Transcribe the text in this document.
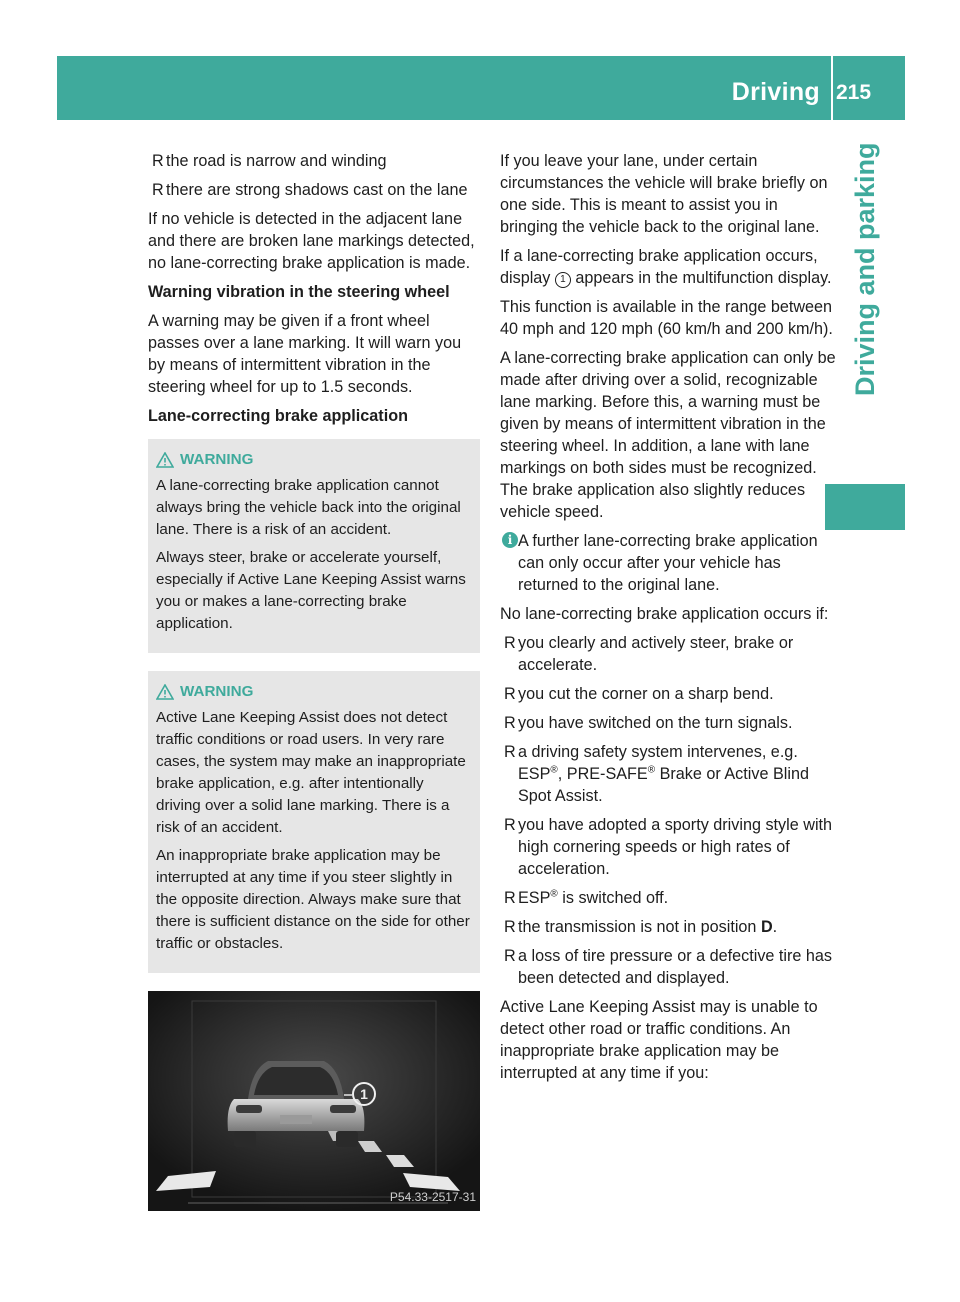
Driving systems
215
Driving and parking
R the road is narrow and winding
R there are strong shadows cast on the lane

If no vehicle is detected in the adjacent lane and there are broken lane markings detected, no lane-correcting brake application is made.

Warning vibration in the steering wheel

A warning may be given if a front wheel passes over a lane marking. It will warn you by means of intermittent vibration in the steering wheel for up to 1.5 seconds.

Lane-correcting brake application
WARNING

A lane-correcting brake application cannot always bring the vehicle back into the original lane. There is a risk of an accident.

Always steer, brake or accelerate yourself, especially if Active Lane Keeping Assist warns you or makes a lane-correcting brake application.

WARNING

Active Lane Keeping Assist does not detect traffic conditions or road users. In very rare cases, the system may make an inappropriate brake application, e.g. after intentionally driving over a solid lane marking. There is a risk of an accident.

An inappropriate brake application may be interrupted at any time if you steer slightly in the opposite direction. Always make sure that there is sufficient distance on the side for other traffic or obstacles.

1
P54.33-2517-31

If you leave your lane, under certain circumstances the vehicle will brake briefly on one side. This is meant to assist you in bringing the vehicle back to the original lane.

If a lane-correcting brake application occurs, display 1 appears in the multifunction display.

This function is available in the range between 40 mph and 120 mph (60 km/h and 200 km/h).

A lane-correcting brake application can only be made after driving over a solid, recognizable lane marking. Before this, a warning must be given by means of intermittent vibration in the steering wheel. In addition, a lane with lane markings on both sides must be recognized. The brake application also slightly reduces vehicle speed.

i A further lane-correcting brake application can only occur after your vehicle has returned to the original lane.

No lane-correcting brake application occurs if:

R you clearly and actively steer, brake or accelerate.
R you cut the corner on a sharp bend.
R you have switched on the turn signals.
R a driving safety system intervenes, e.g. ESP®, PRE-SAFE® Brake or Active Blind Spot Assist.
R you have adopted a sporty driving style with high cornering speeds or high rates of acceleration.
R ESP® is switched off.
R the transmission is not in position D.
R a loss of tire pressure or a defective tire has been detected and displayed.

Active Lane Keeping Assist may is unable to detect other road or traffic conditions. An inappropriate brake application may be interrupted at any time if you:
